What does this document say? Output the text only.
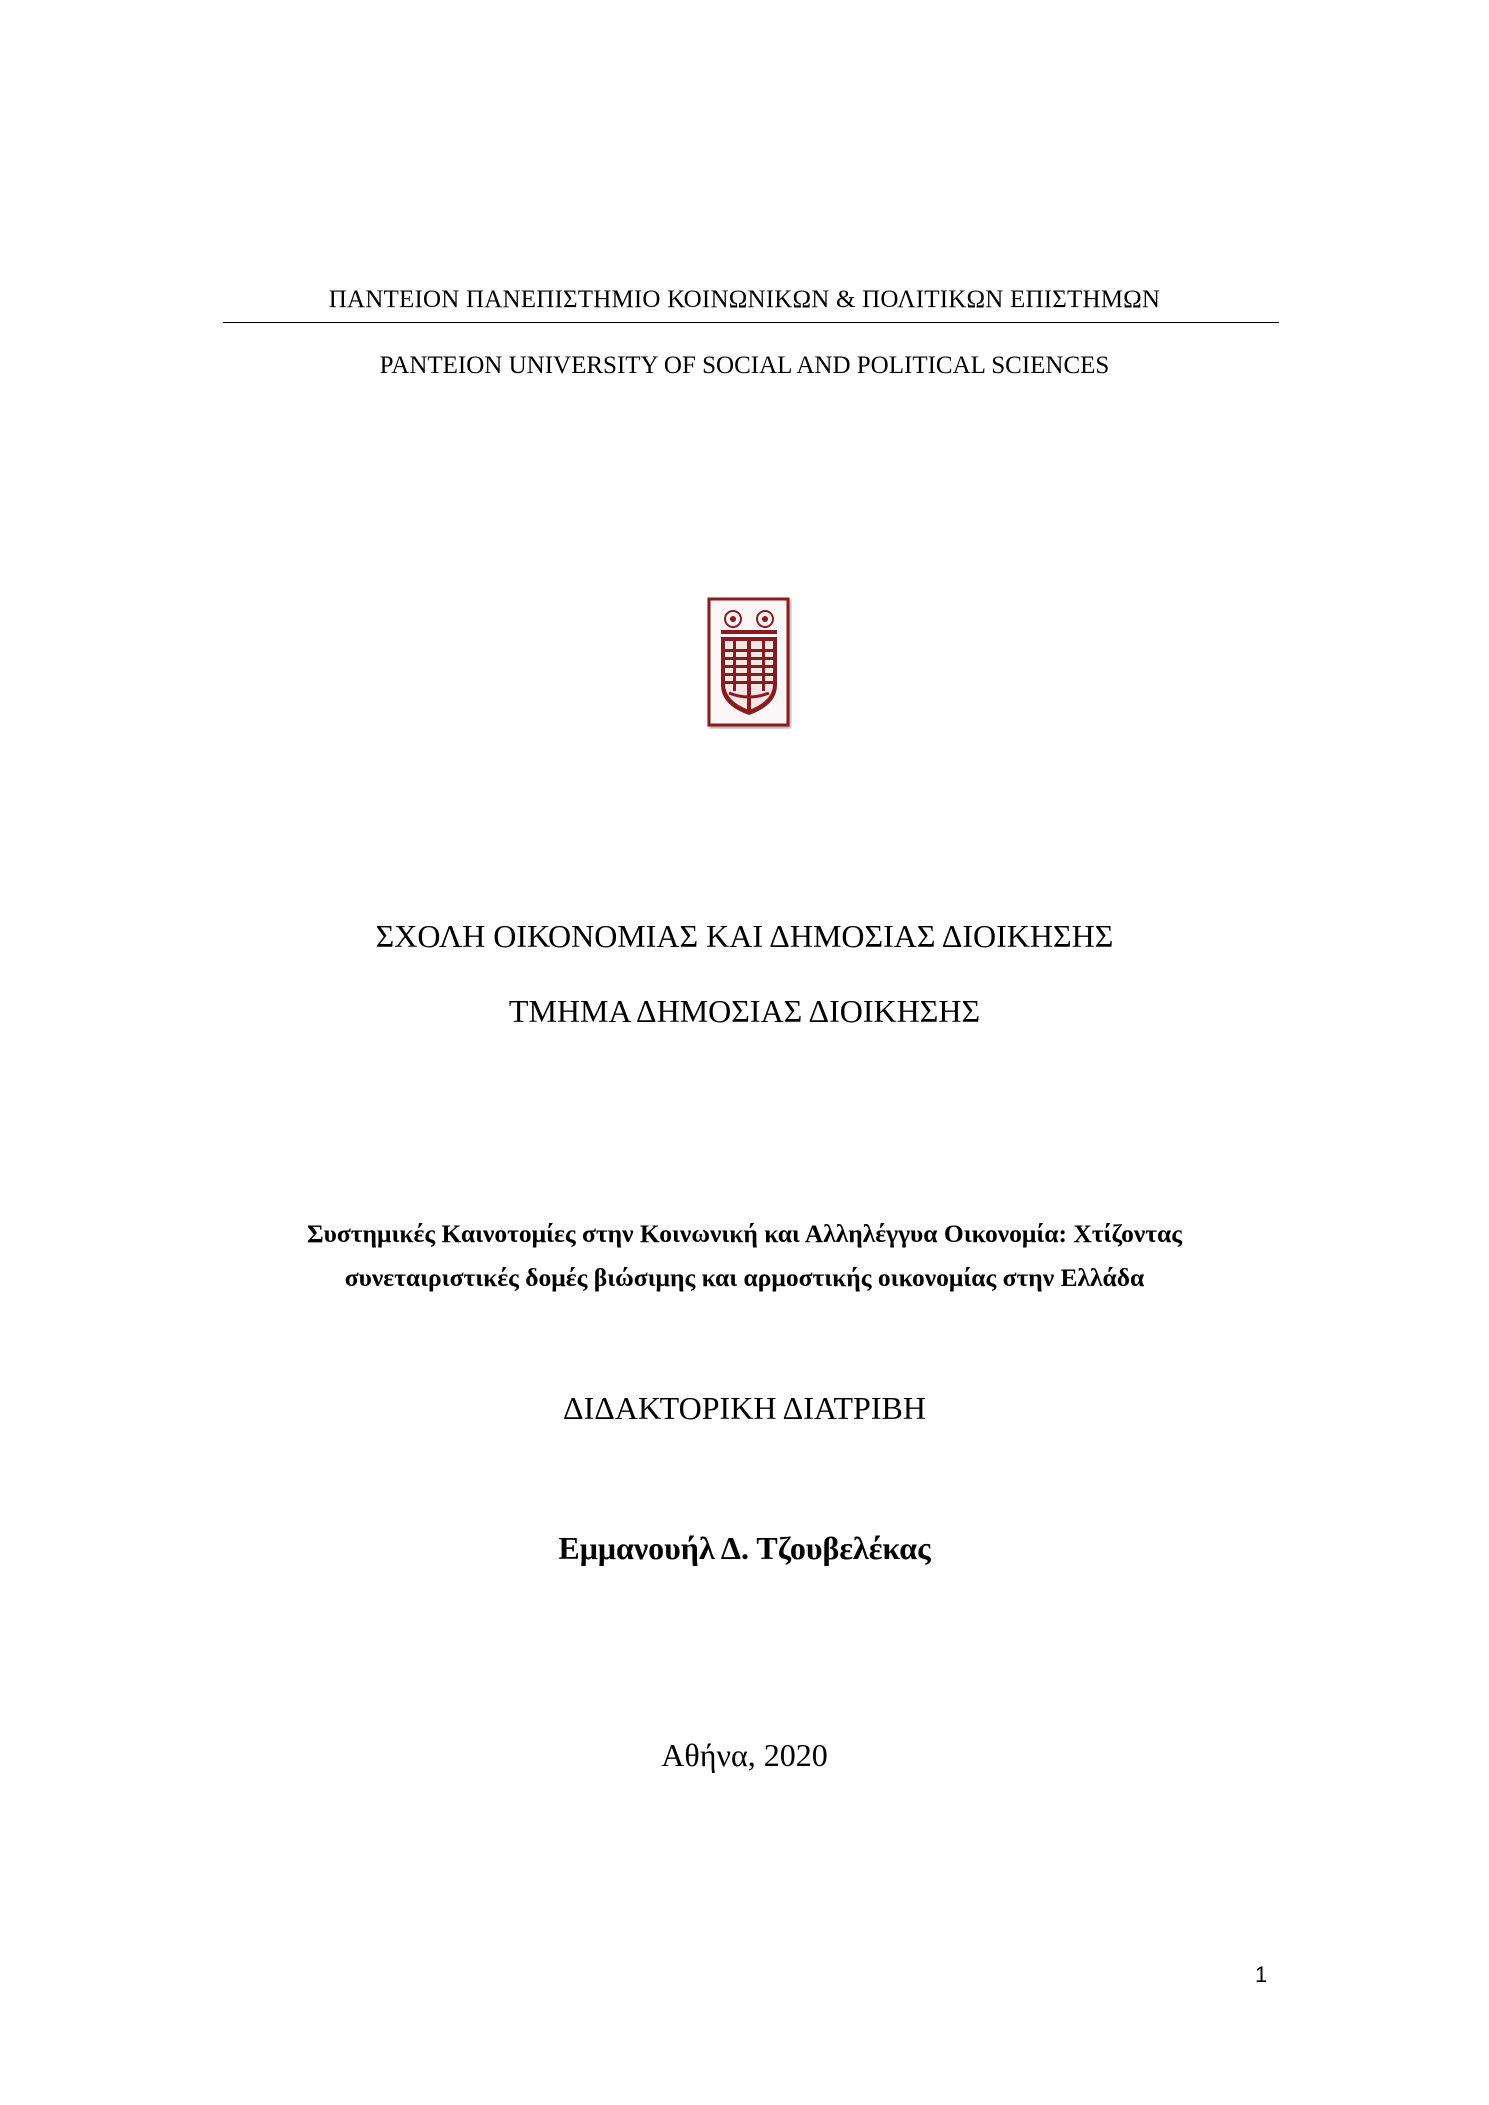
ΠΑΝΤΕΙΟΝ ΠΑΝΕΠΙΣΤΗΜΙΟ ΚΟΙΝΩΝΙΚΩΝ & ΠΟΛΙΤΙΚΩΝ ΕΠΙΣΤΗΜΩΝ
PANTEION UNIVERSITY OF SOCIAL AND POLITICAL SCIENCES
ΣΧΟΛΗ ΟΙΚΟΝΟΜΙΑΣ ΚΑΙ ΔΗΜΟΣΙΑΣ ΔΙΟΙΚΗΣΗΣ
ΤΜΗΜΑ ΔΗΜΟΣΙΑΣ ΔΙΟΙΚΗΣΗΣ
Συστημικές Καινοτομίες στην Κοινωνική και Αλληλέγγυα Οικονομία: Χτίζοντας
συνεταιριστικές δομές βιώσιμης και αρμοστικής οικονομίας στην Ελλάδα
ΔΙΔΑΚΤΟΡΙΚΗ ΔΙΑΤΡΙΒΗ
Εμμανουήλ Δ. Τζουβελέκας
Αθήνα, 2020
1
